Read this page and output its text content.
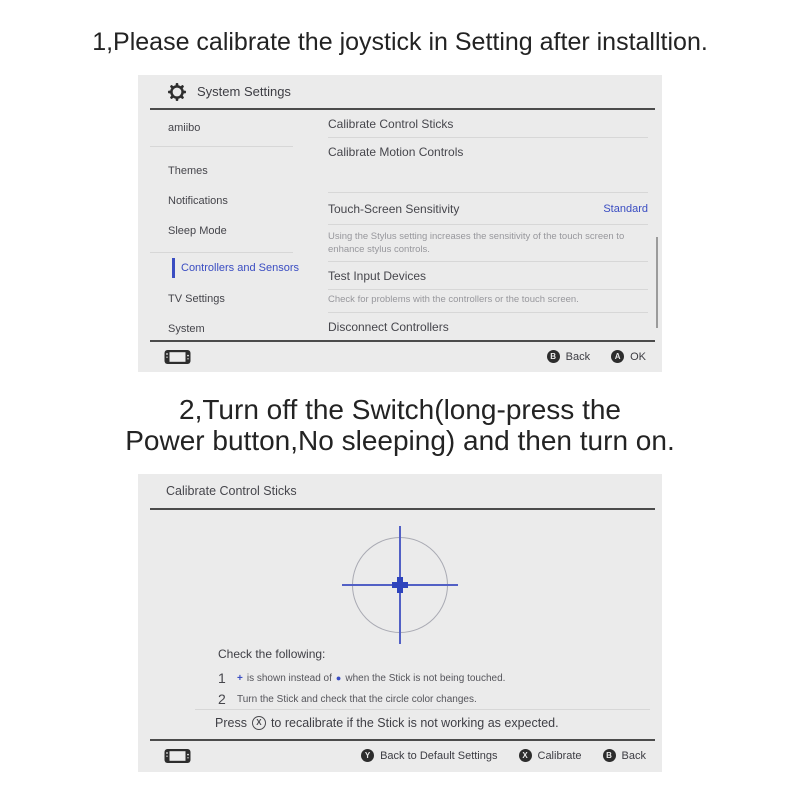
1,Please calibrate the joystick in Setting after installtion.
System Settings
amiibo
Themes
Notifications
Sleep Mode
Controllers and Sensors
TV Settings
System
Calibrate Control Sticks
Calibrate Motion Controls
Touch-Screen Sensitivity	Standard
Using the Stylus setting increases the sensitivity of the touch screen to enhance stylus controls.
Test Input Devices
Check for problems with the controllers or the touch screen.
Disconnect Controllers
B Back	A OK
2,Turn off the Switch(long-press the
Power button,No sleeping) and then turn on.
Calibrate Control Sticks
Check the following:
1	+ is shown instead of ● when the Stick is not being touched.
2	Turn the Stick and check that the circle color changes.
Press	X to recalibrate if the Stick is not working as expected.
Y Back to Default Settings	X Calibrate	B Back
